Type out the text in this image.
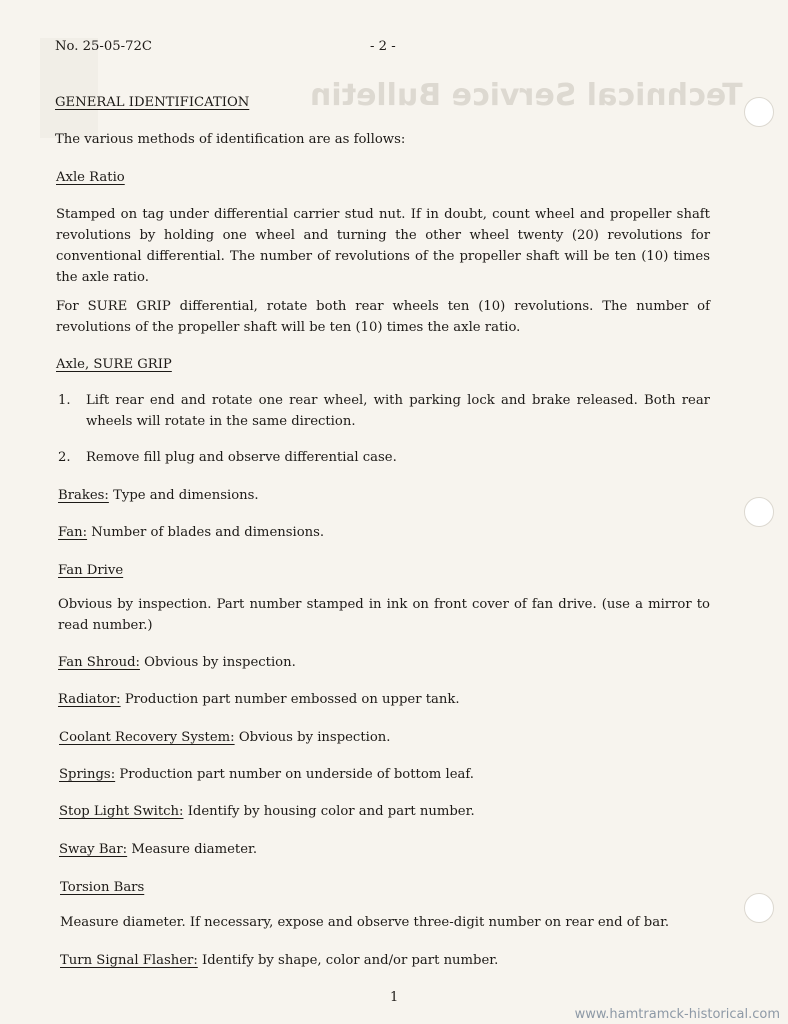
Technical Service Bulletin
No. 25-05-72C	- 2 -
GENERAL IDENTIFICATION
The various methods of identification are as follows:
Axle Ratio
Stamped on tag under differential carrier stud nut. If in doubt, count wheel and propeller shaft revolutions by holding one wheel and turning the other wheel twenty (20) revolutions for conventional differential. The number of revolutions of the propeller shaft will be ten (10) times the axle ratio.
For SURE GRIP differential, rotate both rear wheels ten (10) revolutions. The number of revolutions of the propeller shaft will be ten (10) times the axle ratio.
Axle, SURE GRIP
1.	Lift rear end and rotate one rear wheel, with parking lock and brake released. Both rear wheels will rotate in the same direction.
2.	Remove fill plug and observe differential case.
Brakes: Type and dimensions.
Fan: Number of blades and dimensions.
Fan Drive
Obvious by inspection. Part number stamped in ink on front cover of fan drive. (use a mirror to read number.)
Fan Shroud: Obvious by inspection.
Radiator: Production part number embossed on upper tank.
Coolant Recovery System: Obvious by inspection.
Springs: Production part number on underside of bottom leaf.
Stop Light Switch: Identify by housing color and part number.
Sway Bar: Measure diameter.
Torsion Bars
Measure diameter. If necessary, expose and observe three-digit number on rear end of bar.
Turn Signal Flasher: Identify by shape, color and/or part number.
1
www.hamtramck-historical.com
